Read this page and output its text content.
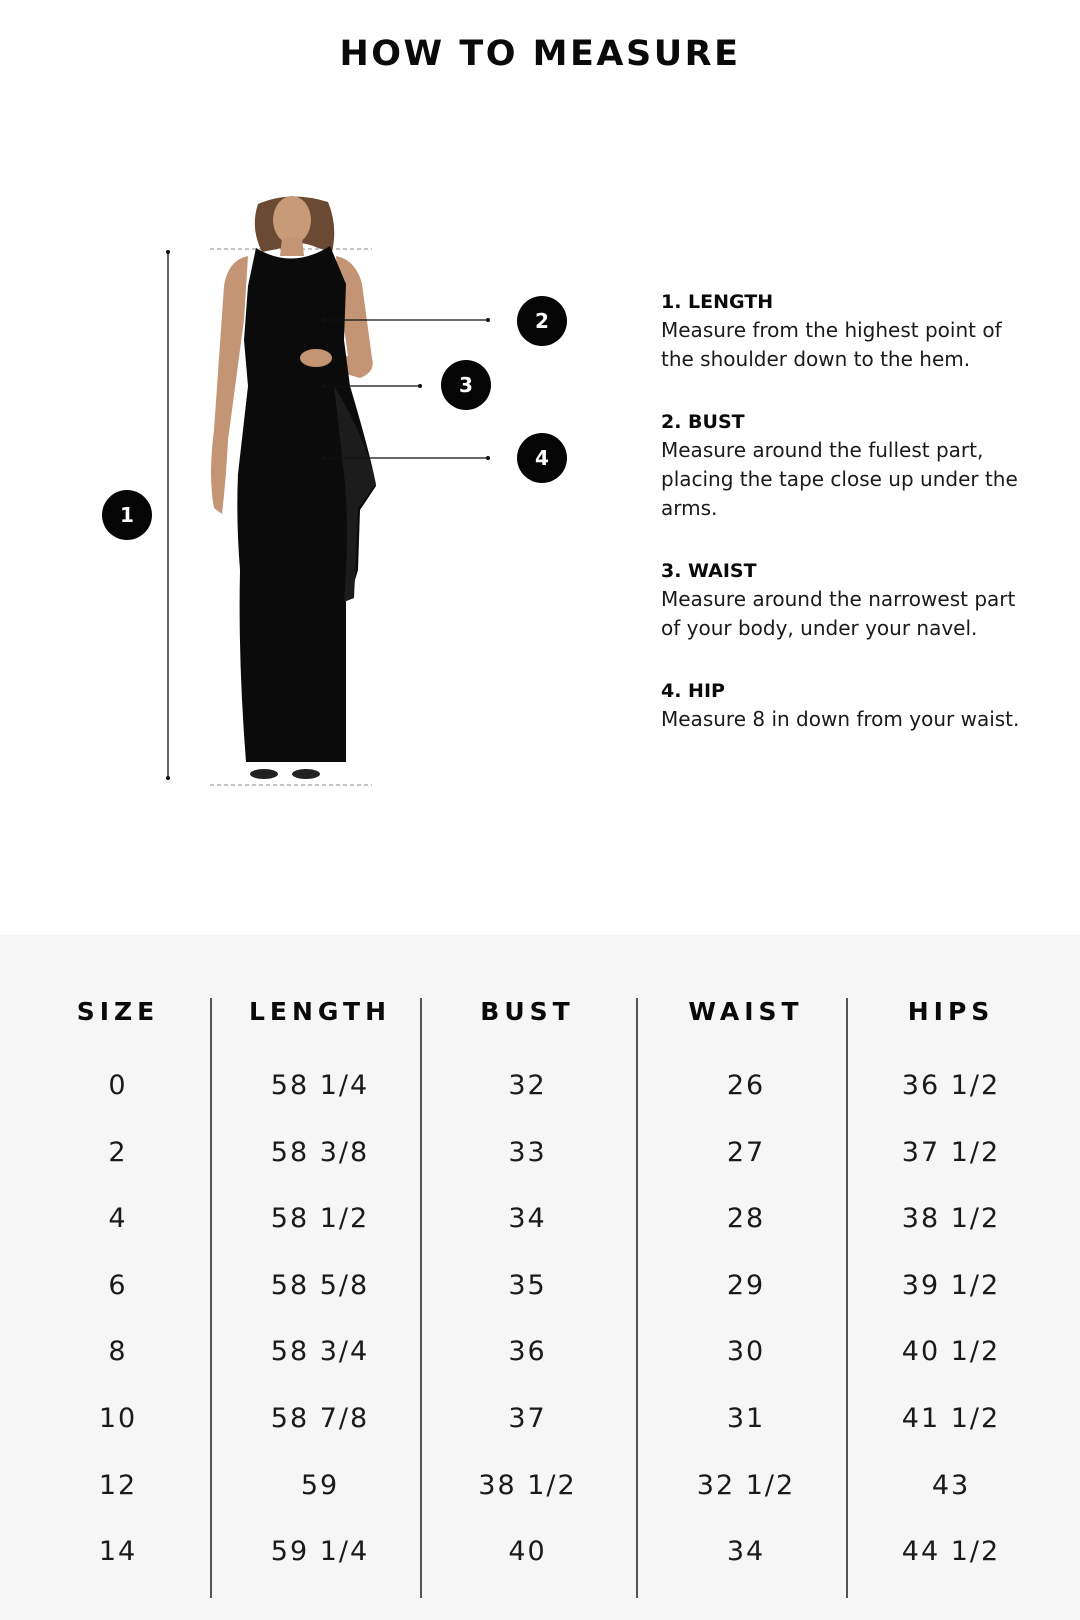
HOW TO MEASURE
1
2
3
4
1. LENGTH
Measure from the highest point of the shoulder down to the hem.
2. BUST
Measure around the fullest part, placing the tape close up under the arms.
3. WAIST
Measure around the narrowest part of your body, under your navel.
4. HIP
Measure 8 in down from your waist.
SIZE
0
2
4
6
8
10
12
14
LENGTH
58 1/4
58 3/8
58 1/2
58 5/8
58 3/4
58 7/8
59
59 1/4
BUST
32
33
34
35
36
37
38 1/2
40
WAIST
26
27
28
29
30
31
32 1/2
34
HIPS
36 1/2
37 1/2
38 1/2
39 1/2
40 1/2
41 1/2
43
44 1/2
